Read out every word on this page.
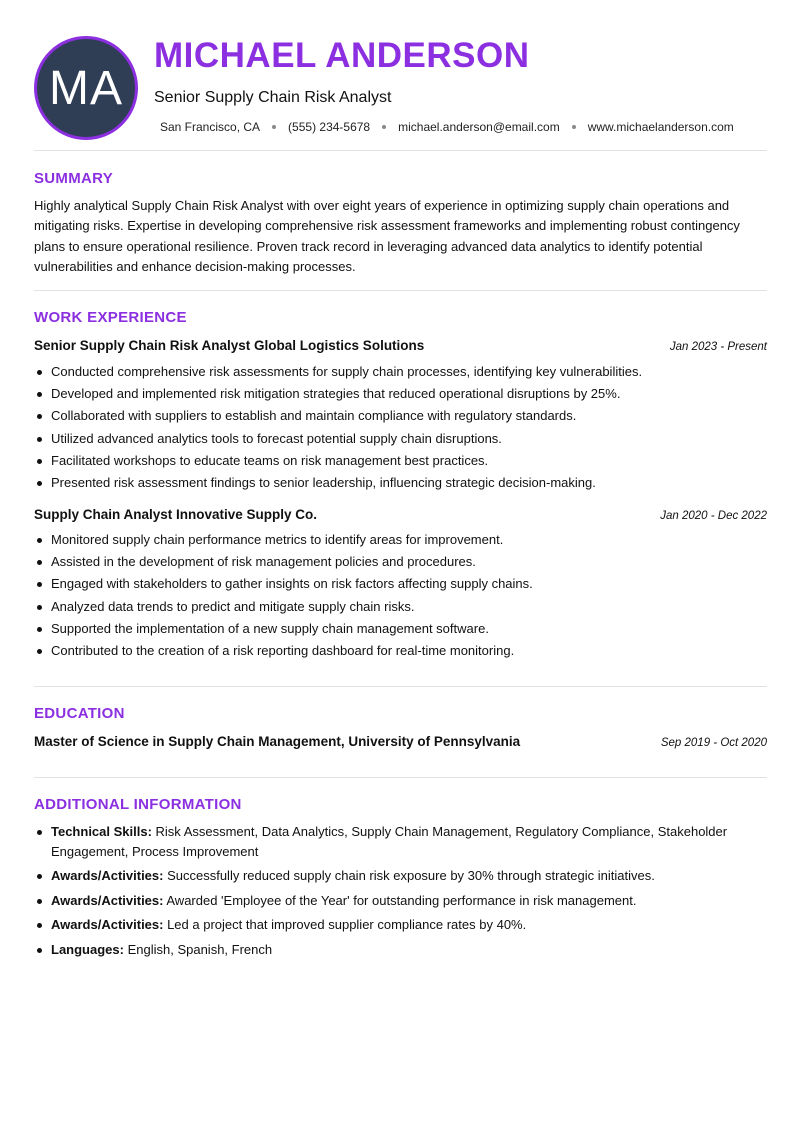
MA
MICHAEL ANDERSON
Senior Supply Chain Risk Analyst
San Francisco, CA (555) 234-5678 michael.anderson@email.com www.michaelanderson.com
SUMMARY

Highly analytical Supply Chain Risk Analyst with over eight years of experience in optimizing supply chain operations and mitigating risks. Expertise in developing comprehensive risk assessment frameworks and implementing robust contingency plans to ensure operational resilience. Proven track record in leveraging advanced data analytics to identify potential vulnerabilities and enhance decision-making processes.

WORK EXPERIENCE
Senior Supply Chain Risk Analyst Global Logistics Solutions	Jan 2023 - Present
Conducted comprehensive risk assessments for supply chain processes, identifying key vulnerabilities.
Developed and implemented risk mitigation strategies that reduced operational disruptions by 25%.
Collaborated with suppliers to establish and maintain compliance with regulatory standards.
Utilized advanced analytics tools to forecast potential supply chain disruptions.
Facilitated workshops to educate teams on risk management best practices.
Presented risk assessment findings to senior leadership, influencing strategic decision-making.
Supply Chain Analyst Innovative Supply Co.	Jan 2020 - Dec 2022
Monitored supply chain performance metrics to identify areas for improvement.
Assisted in the development of risk management policies and procedures.
Engaged with stakeholders to gather insights on risk factors affecting supply chains.
Analyzed data trends to predict and mitigate supply chain risks.
Supported the implementation of a new supply chain management software.
Contributed to the creation of a risk reporting dashboard for real-time monitoring.
EDUCATION
Master of Science in Supply Chain Management, University of Pennsylvania	Sep 2019 - Oct 2020
ADDITIONAL INFORMATION
Technical Skills: Risk Assessment, Data Analytics, Supply Chain Management, Regulatory Compliance, Stakeholder Engagement, Process Improvement
Awards/Activities: Successfully reduced supply chain risk exposure by 30% through strategic initiatives.
Awards/Activities: Awarded 'Employee of the Year' for outstanding performance in risk management.
Awards/Activities: Led a project that improved supplier compliance rates by 40%.
Languages: English, Spanish, French
